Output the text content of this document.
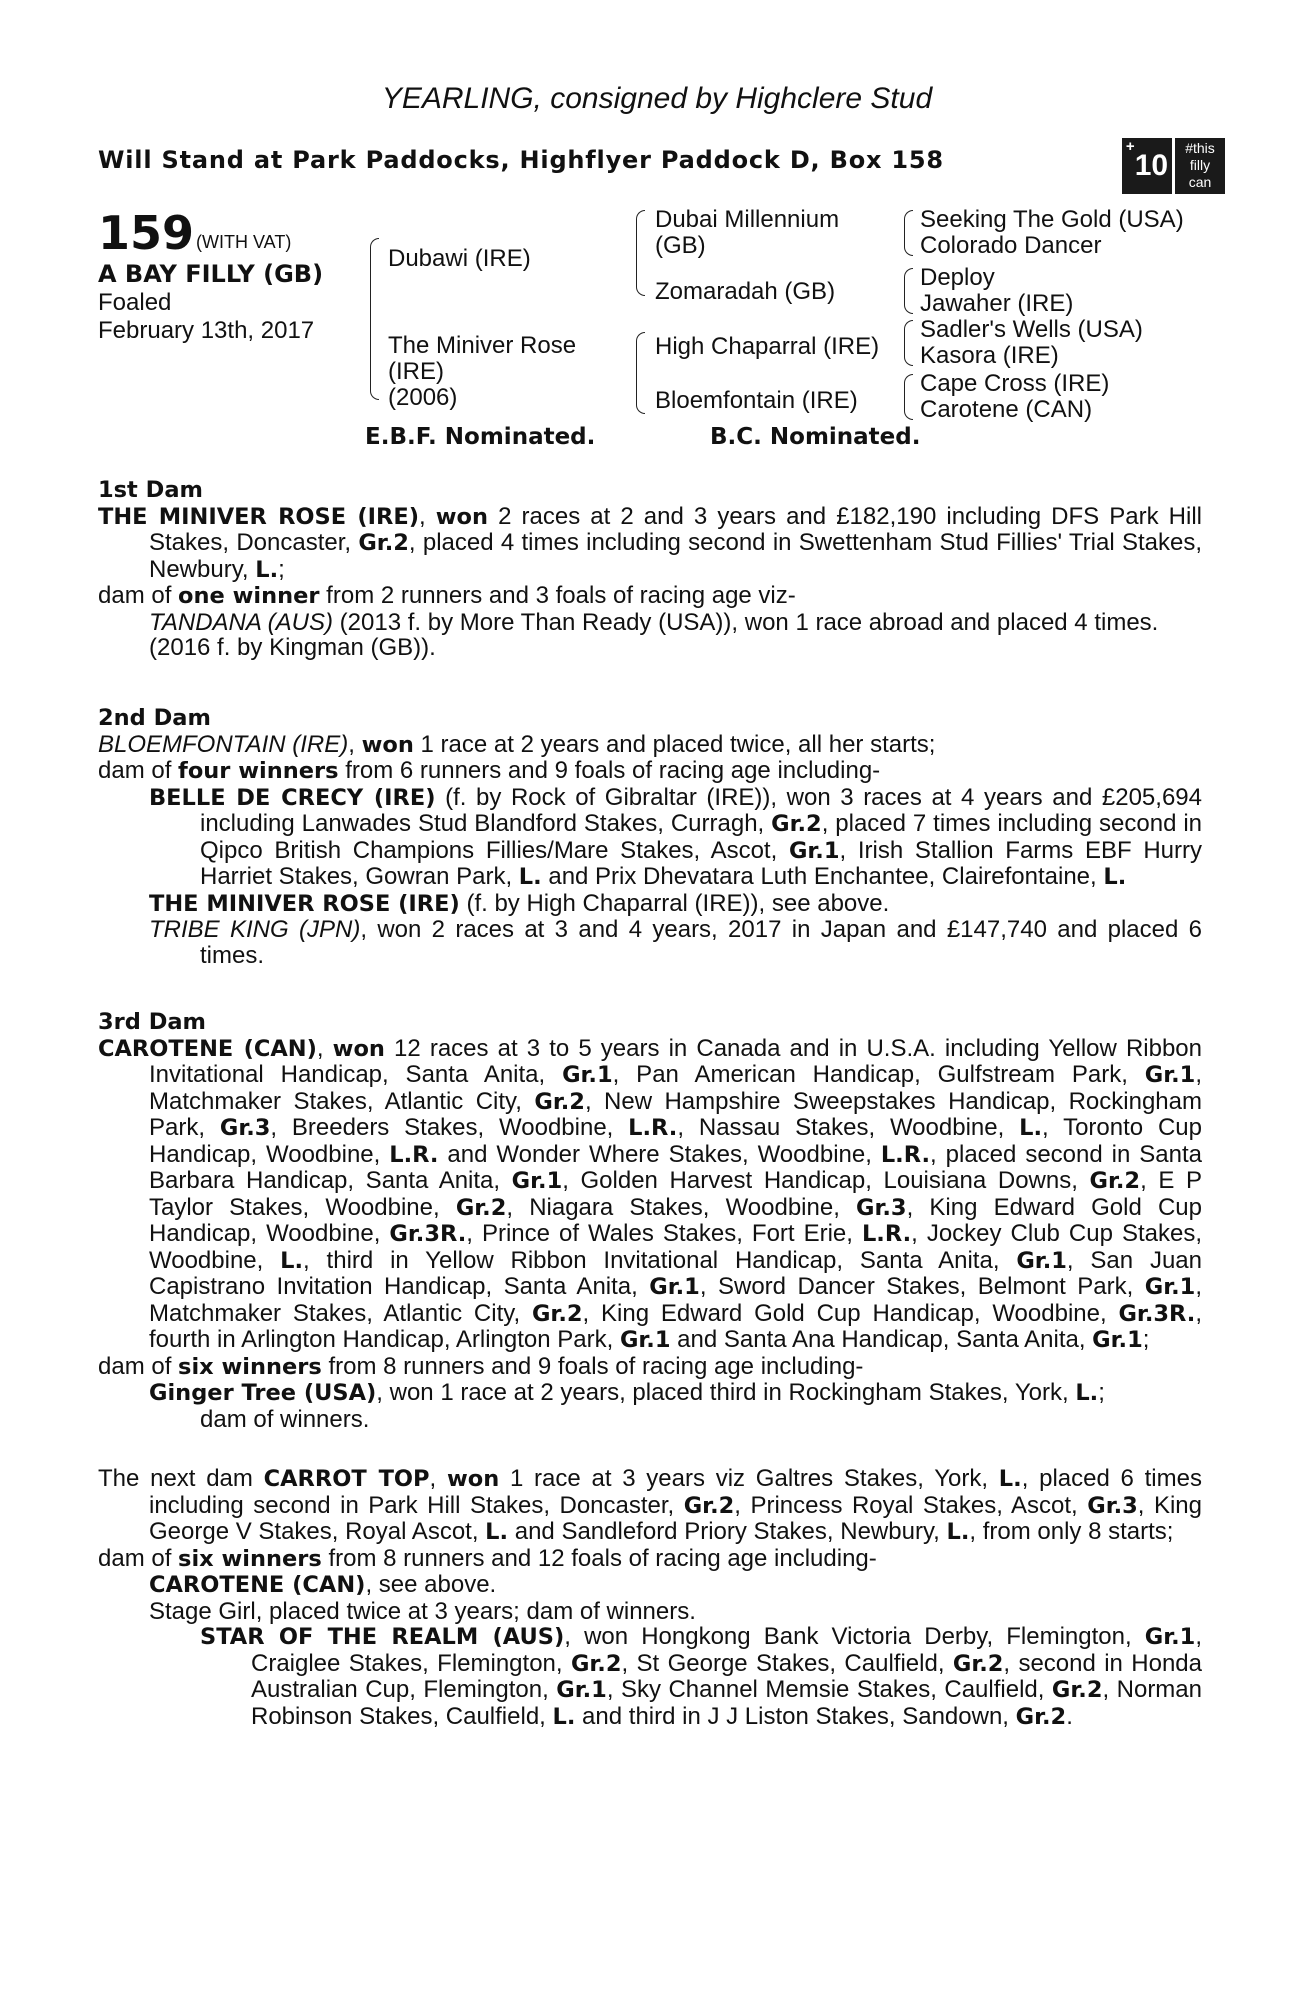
YEARLING, consigned by Highclere Stud
Will Stand at Park Paddocks, Highflyer Paddock D, Box 158	+10
#this
filly
can
159 (WITH VAT)
A BAY FILLY (GB)
Foaled
February 13th, 2017
Dubawi (IRE)
The Miniver Rose
(IRE)
(2006)
Dubai Millennium
(GB)
Zomaradah (GB)
High Chaparral (IRE)
Bloemfontain (IRE)
Seeking The Gold (USA)
Colorado Dancer
Deploy
Jawaher (IRE)
Sadler's Wells (USA)
Kasora (IRE)
Cape Cross (IRE)
Carotene (CAN)
E.B.F. Nominated.	B.C. Nominated.
1st Dam
THE MINIVER ROSE (IRE), won 2 races at 2 and 3 years and £182,190 including DFS Park Hill Stakes, Doncaster, Gr.2, placed 4 times including second in Swettenham Stud Fillies' Trial Stakes, Newbury, L.;
dam of one winner from 2 runners and 3 foals of racing age viz-
TANDANA (AUS) (2013 f. by More Than Ready (USA)), won 1 race abroad and placed 4 times.
(2016 f. by Kingman (GB)).
2nd Dam
BLOEMFONTAIN (IRE), won 1 race at 2 years and placed twice, all her starts;
dam of four winners from 6 runners and 9 foals of racing age including-
BELLE DE CRECY (IRE) (f. by Rock of Gibraltar (IRE)), won 3 races at 4 years and £205,694 including Lanwades Stud Blandford Stakes, Curragh, Gr.2, placed 7 times including second in Qipco British Champions Fillies/Mare Stakes, Ascot, Gr.1, Irish Stallion Farms EBF Hurry Harriet Stakes, Gowran Park, L. and Prix Dhevatara Luth Enchantee, Clairefontaine, L.
THE MINIVER ROSE (IRE) (f. by High Chaparral (IRE)), see above.
TRIBE KING (JPN), won 2 races at 3 and 4 years, 2017 in Japan and £147,740 and placed 6 times.
3rd Dam
CAROTENE (CAN), won 12 races at 3 to 5 years in Canada and in U.S.A. including Yellow Ribbon Invitational Handicap, Santa Anita, Gr.1, Pan American Handicap, Gulfstream Park, Gr.1, Matchmaker Stakes, Atlantic City, Gr.2, New Hampshire Sweepstakes Handicap, Rockingham Park, Gr.3, Breeders Stakes, Woodbine, L.R., Nassau Stakes, Woodbine, L., Toronto Cup Handicap, Woodbine, L.R. and Wonder Where Stakes, Woodbine, L.R., placed second in Santa Barbara Handicap, Santa Anita, Gr.1, Golden Harvest Handicap, Louisiana Downs, Gr.2, E P Taylor Stakes, Woodbine, Gr.2, Niagara Stakes, Woodbine, Gr.3, King Edward Gold Cup Handicap, Woodbine, Gr.3R., Prince of Wales Stakes, Fort Erie, L.R., Jockey Club Cup Stakes, Woodbine, L., third in Yellow Ribbon Invitational Handicap, Santa Anita, Gr.1, San Juan Capistrano Invitation Handicap, Santa Anita, Gr.1, Sword Dancer Stakes, Belmont Park, Gr.1, Matchmaker Stakes, Atlantic City, Gr.2, King Edward Gold Cup Handicap, Woodbine, Gr.3R., fourth in Arlington Handicap, Arlington Park, Gr.1 and Santa Ana Handicap, Santa Anita, Gr.1;
dam of six winners from 8 runners and 9 foals of racing age including-
Ginger Tree (USA), won 1 race at 2 years, placed third in Rockingham Stakes, York, L.;
dam of winners.
The next dam CARROT TOP, won 1 race at 3 years viz Galtres Stakes, York, L., placed 6 times including second in Park Hill Stakes, Doncaster, Gr.2, Princess Royal Stakes, Ascot, Gr.3, King George V Stakes, Royal Ascot, L. and Sandleford Priory Stakes, Newbury, L., from only 8 starts;
dam of six winners from 8 runners and 12 foals of racing age including-
CAROTENE (CAN), see above.
Stage Girl, placed twice at 3 years; dam of winners.
STAR OF THE REALM (AUS), won Hongkong Bank Victoria Derby, Flemington, Gr.1, Craiglee Stakes, Flemington, Gr.2, St George Stakes, Caulfield, Gr.2, second in Honda Australian Cup, Flemington, Gr.1, Sky Channel Memsie Stakes, Caulfield, Gr.2, Norman Robinson Stakes, Caulfield, L. and third in J J Liston Stakes, Sandown, Gr.2.
